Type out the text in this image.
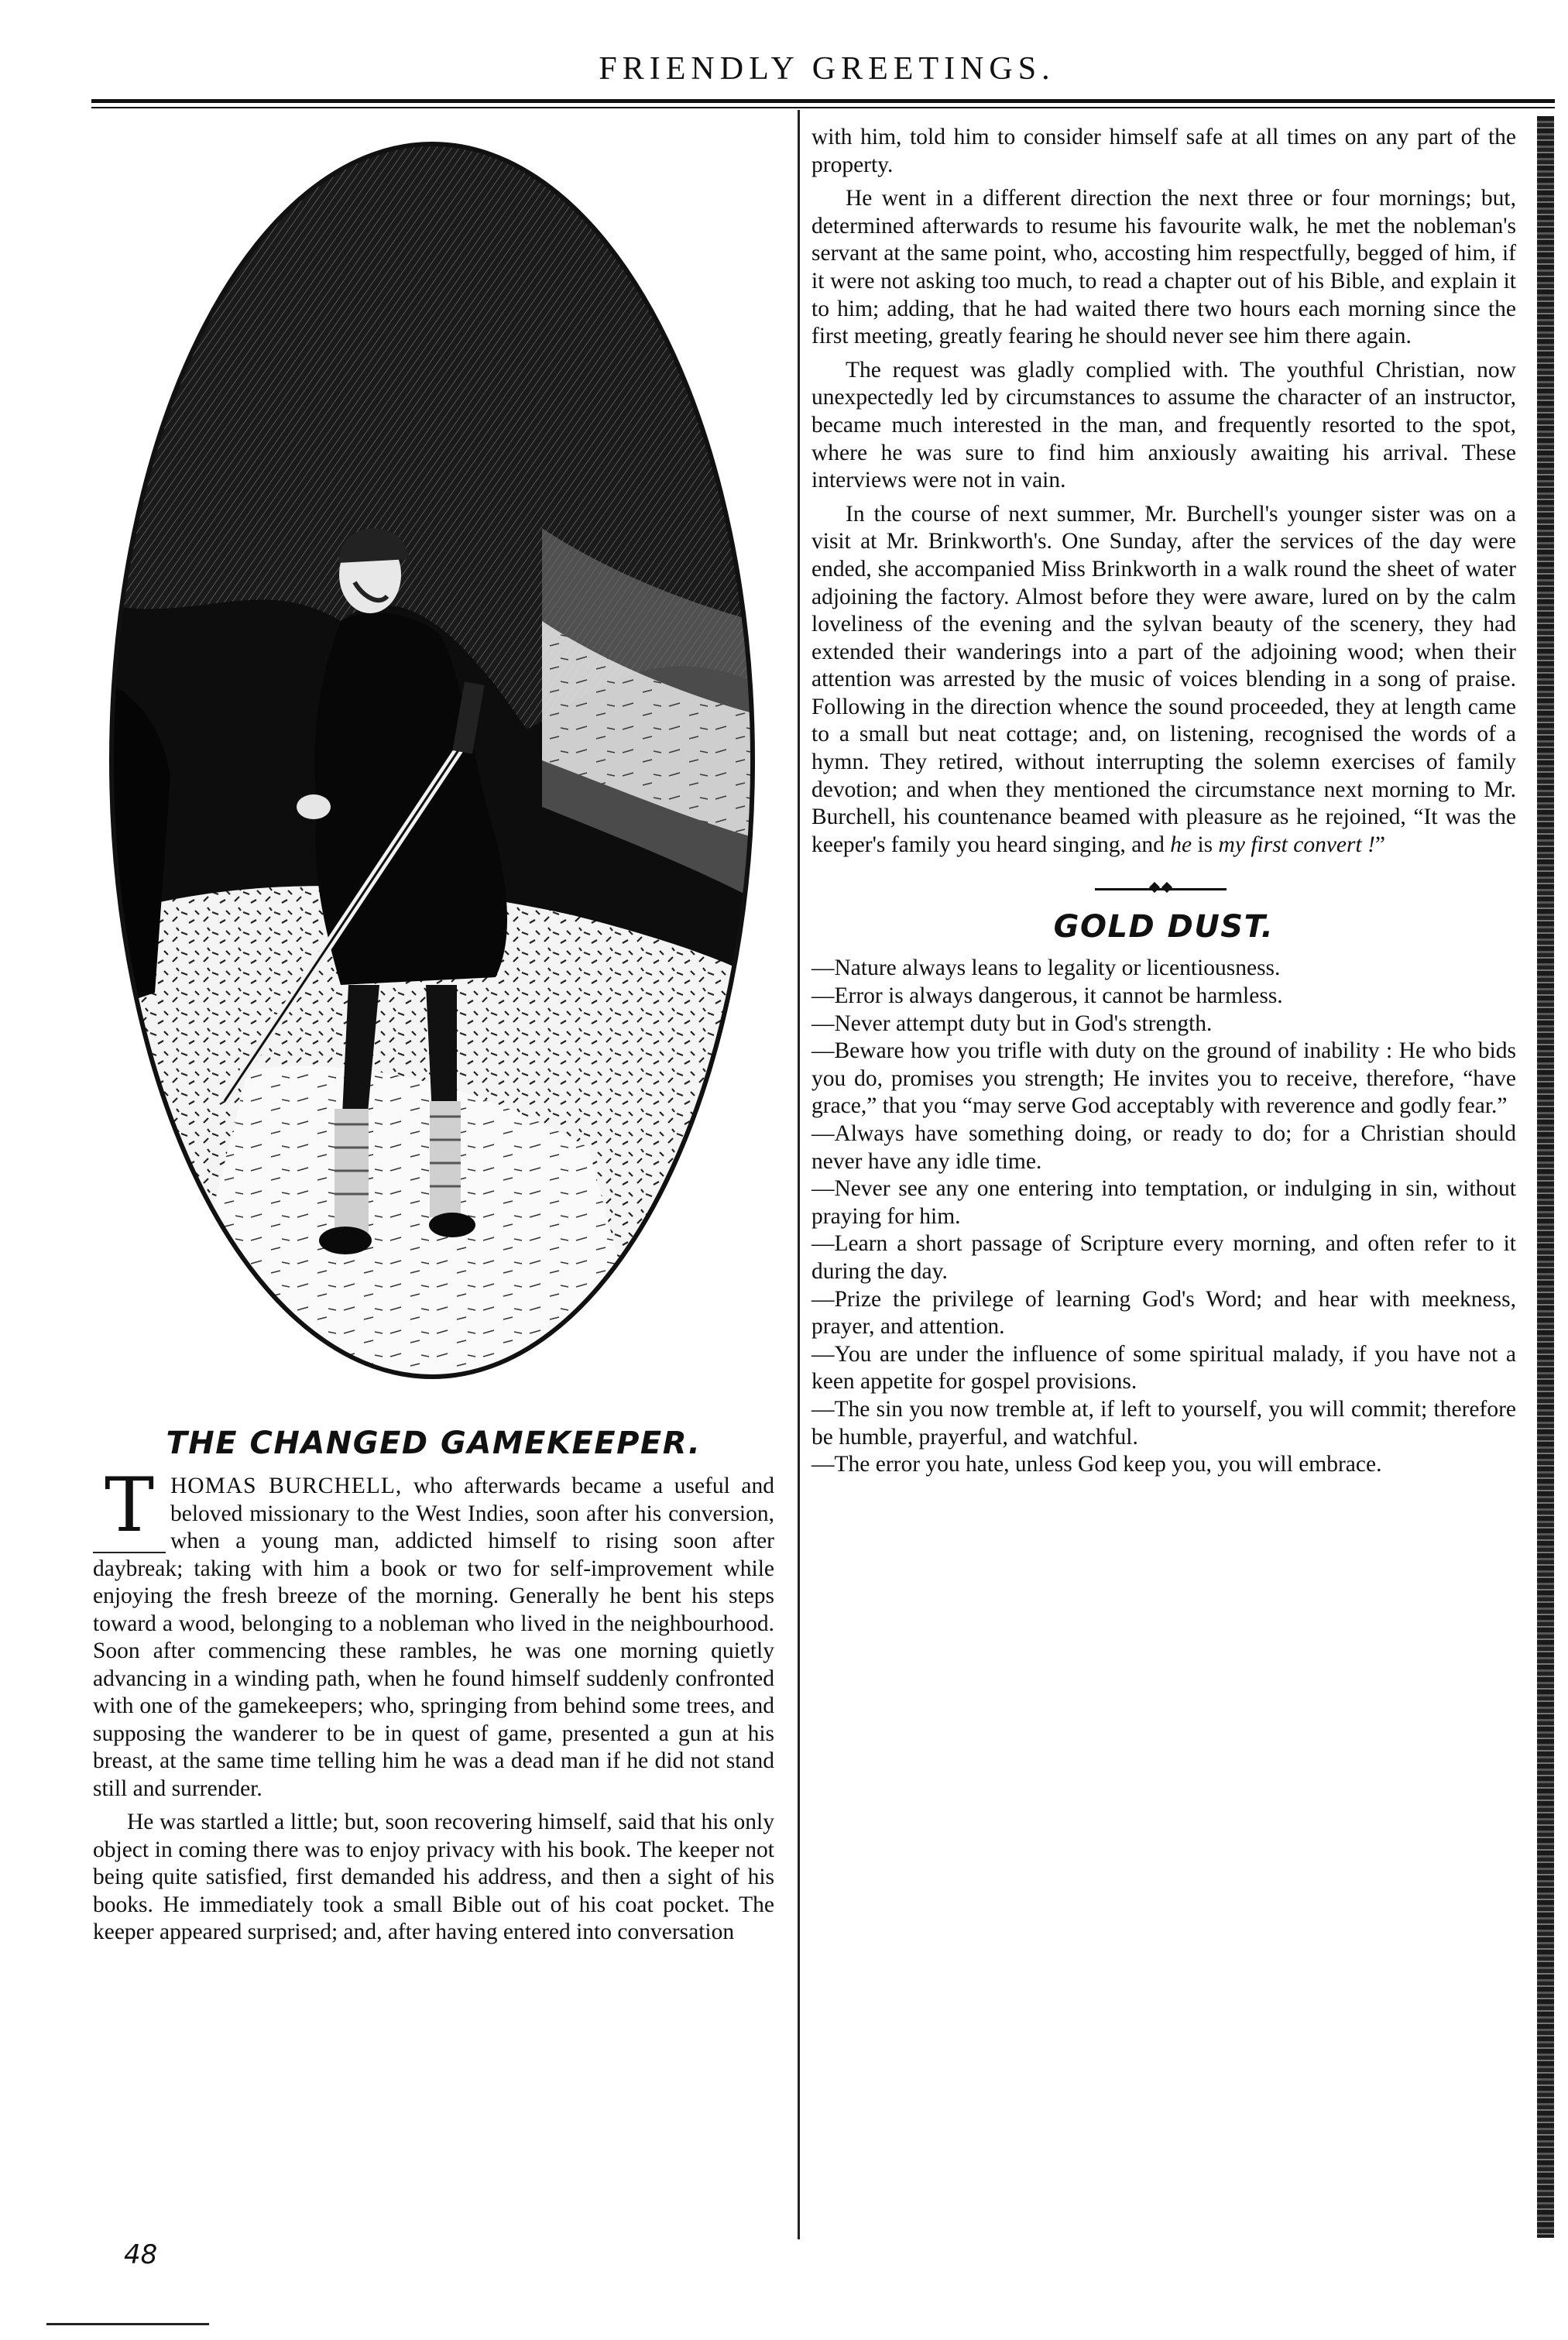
FRIENDLY GREETINGS.
THE CHANGED GAMEKEEPER.

T HOMAS BURCHELL, who afterwards became a useful and beloved missionary to the West Indies, soon after his conversion, when a young man, addicted himself to rising soon after daybreak; taking with him a book or two for self-improvement while enjoying the fresh breeze of the morning. Generally he bent his steps toward a wood, belonging to a nobleman who lived in the neighbourhood. Soon after commencing these rambles, he was one morning quietly advancing in a winding path, when he found himself suddenly confronted with one of the gamekeepers; who, springing from behind some trees, and supposing the wanderer to be in quest of game, presented a gun at his breast, at the same time telling him he was a dead man if he did not stand still and surrender.

He was startled a little; but, soon recovering himself, said that his only object in coming there was to enjoy privacy with his book. The keeper not being quite satisfied, first demanded his address, and then a sight of his books. He immediately took a small Bible out of his coat pocket. The keeper appeared surprised; and, after having entered into conversation

48

with him, told him to consider himself safe at all times on any part of the property.

He went in a different direction the next three or four mornings; but, determined afterwards to resume his favourite walk, he met the nobleman's servant at the same point, who, accosting him respectfully, begged of him, if it were not asking too much, to read a chapter out of his Bible, and explain it to him; adding, that he had waited there two hours each morning since the first meeting, greatly fearing he should never see him there again.

The request was gladly complied with. The youthful Christian, now unexpectedly led by circumstances to assume the character of an instructor, became much interested in the man, and frequently resorted to the spot, where he was sure to find him anxiously awaiting his arrival. These interviews were not in vain.

In the course of next summer, Mr. Burchell's younger sister was on a visit at Mr. Brinkworth's. One Sunday, after the services of the day were ended, she accompanied Miss Brinkworth in a walk round the sheet of water adjoining the factory. Almost before they were aware, lured on by the calm loveliness of the evening and the sylvan beauty of the scenery, they had extended their wanderings into a part of the adjoining wood; when their attention was arrested by the music of voices blending in a song of praise. Following in the direction whence the sound proceeded, they at length came to a small but neat cottage; and, on listening, recognised the words of a hymn. They retired, without interrupting the solemn exercises of family devotion; and when they mentioned the circumstance next morning to Mr. Burchell, his countenance beamed with pleasure as he rejoined, “It was the keeper's family you heard singing, and he is my first convert !”

GOLD DUST.

—Nature always leans to legality or licentiousness.

—Error is always dangerous, it cannot be harmless.

—Never attempt duty but in God's strength.

—Beware how you trifle with duty on the ground of inability : He who bids you do, promises you strength; He invites you to receive, therefore, “have grace,” that you “may serve God acceptably with reverence and godly fear.”

—Always have something doing, or ready to do; for a Christian should never have any idle time.

—Never see any one entering into temptation, or indulging in sin, without praying for him.

—Learn a short passage of Scripture every morning, and often refer to it during the day.

—Prize the privilege of learning God's Word; and hear with meekness, prayer, and attention.

—You are under the influence of some spiritual malady, if you have not a keen appetite for gospel provisions.

—The sin you now tremble at, if left to yourself, you will commit; therefore be humble, prayerful, and watchful.

—The error you hate, unless God keep you, you will embrace.
